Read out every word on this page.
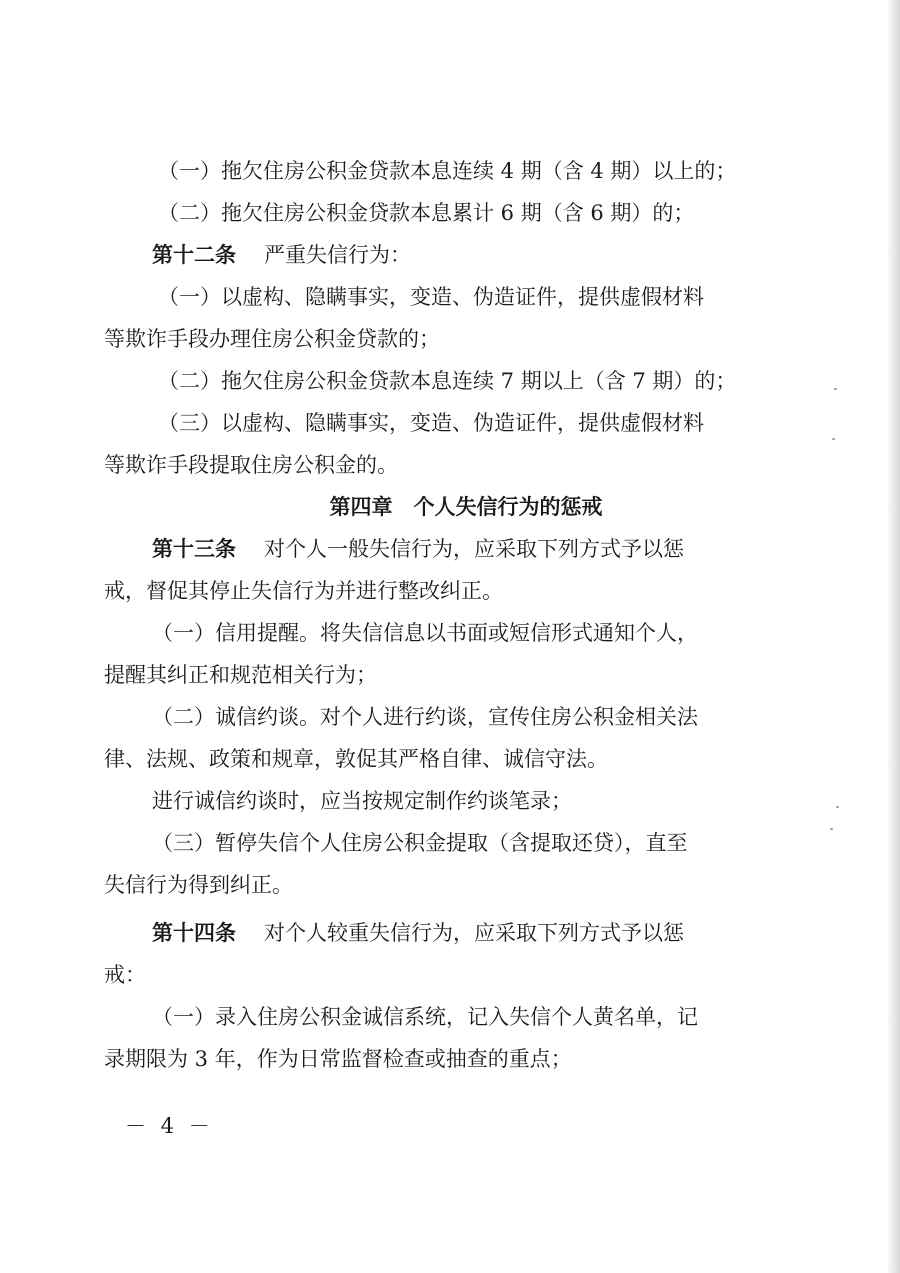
（一）拖欠住房公积金贷款本息连续 4 期（含 4 期）以上的；

（二）拖欠住房公积金贷款本息累计 6 期（含 6 期）的；

第十二条 严重失信行为：

（一）以虚构、隐瞒事实，变造、伪造证件，提供虚假材料

等欺诈手段办理住房公积金贷款的；

（二）拖欠住房公积金贷款本息连续 7 期以上（含 7 期）的；

（三）以虚构、隐瞒事实，变造、伪造证件，提供虚假材料

等欺诈手段提取住房公积金的。

第四章　个人失信行为的惩戒

第十三条 对个人一般失信行为，应采取下列方式予以惩

戒，督促其停止失信行为并进行整改纠正。

（一）信用提醒。将失信信息以书面或短信形式通知个人，

提醒其纠正和规范相关行为；

（二）诚信约谈。对个人进行约谈，宣传住房公积金相关法

律、法规、政策和规章，敦促其严格自律、诚信守法。

进行诚信约谈时，应当按规定制作约谈笔录；

（三）暂停失信个人住房公积金提取（含提取还贷），直至

失信行为得到纠正。

第十四条 对个人较重失信行为，应采取下列方式予以惩

戒：

（一）录入住房公积金诚信系统，记入失信个人黄名单，记

录期限为 3 年，作为日常监督检查或抽查的重点；

－ 4 －
